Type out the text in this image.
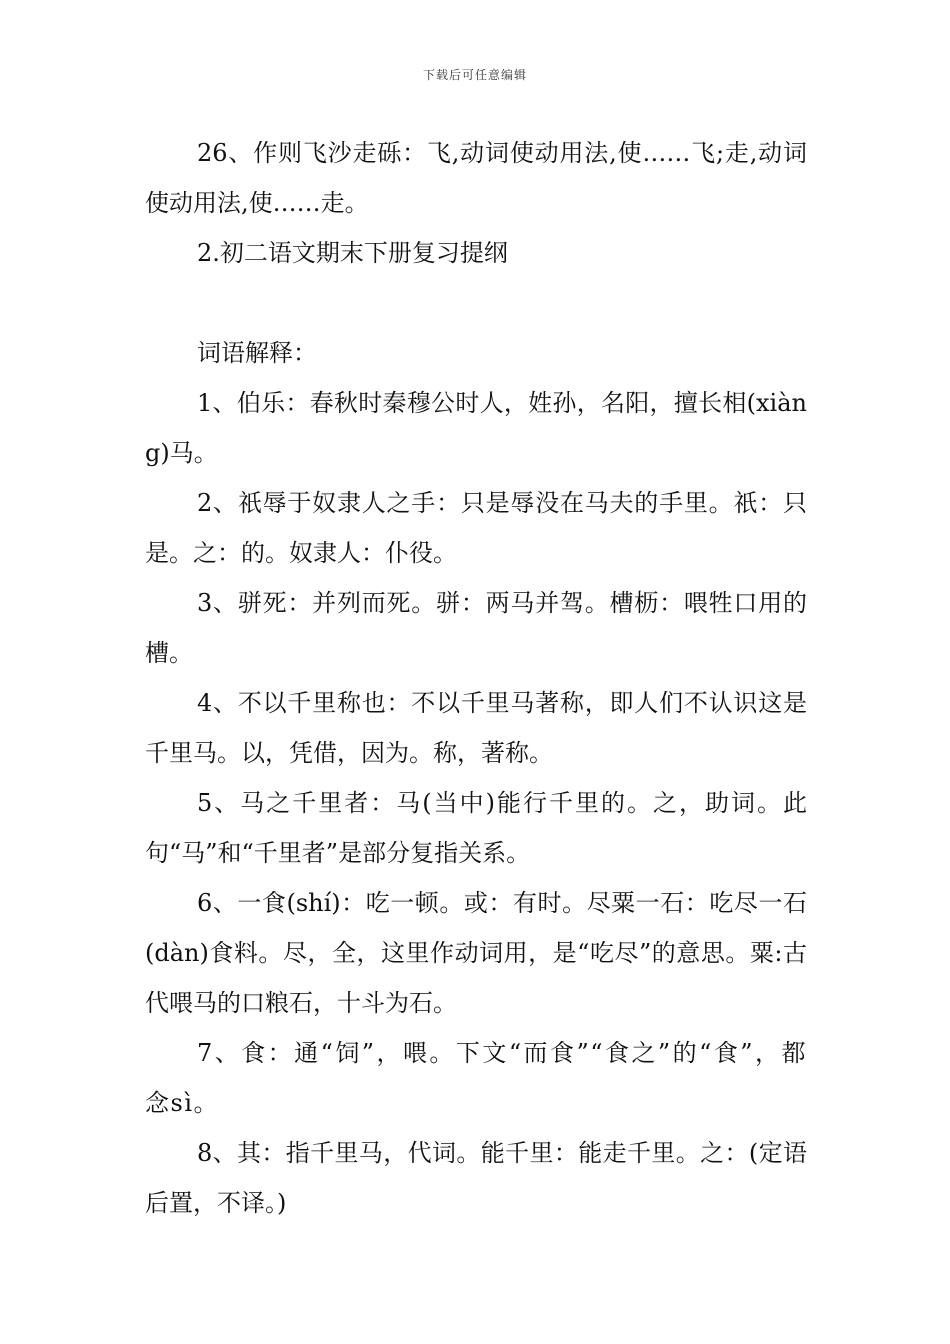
下载后可任意编辑

26、作则飞沙走砾：飞,动词使动用法,使……飞;走,动词使动用法,使……走。

2.初二语文期末下册复习提纲

词语解释：

1、伯乐：春秋时秦穆公时人，姓孙，名阳，擅长相(xiàng)马。

2、祇辱于奴隶人之手：只是辱没在马夫的手里。祇：只是。之：的。奴隶人：仆役。

3、骈死：并列而死。骈：两马并驾。槽枥：喂牲口用的槽。

4、不以千里称也：不以千里马著称，即人们不认识这是千里马。以，凭借，因为。称，著称。

5、马之千里者：马(当中)能行千里的。之，助词。此句“马”和“千里者”是部分复指关系。

6、一食(shí)：吃一顿。或：有时。尽粟一石：吃尽一石(dàn)食料。尽，全，这里作动词用，是“吃尽”的意思。粟:古代喂马的口粮石，十斗为石。

7、食：通“饲”，喂。下文“而食”“食之”的“食”，都念sì。

8、其：指千里马，代词。能千里：能走千里。之：(定语后置，不译。)
